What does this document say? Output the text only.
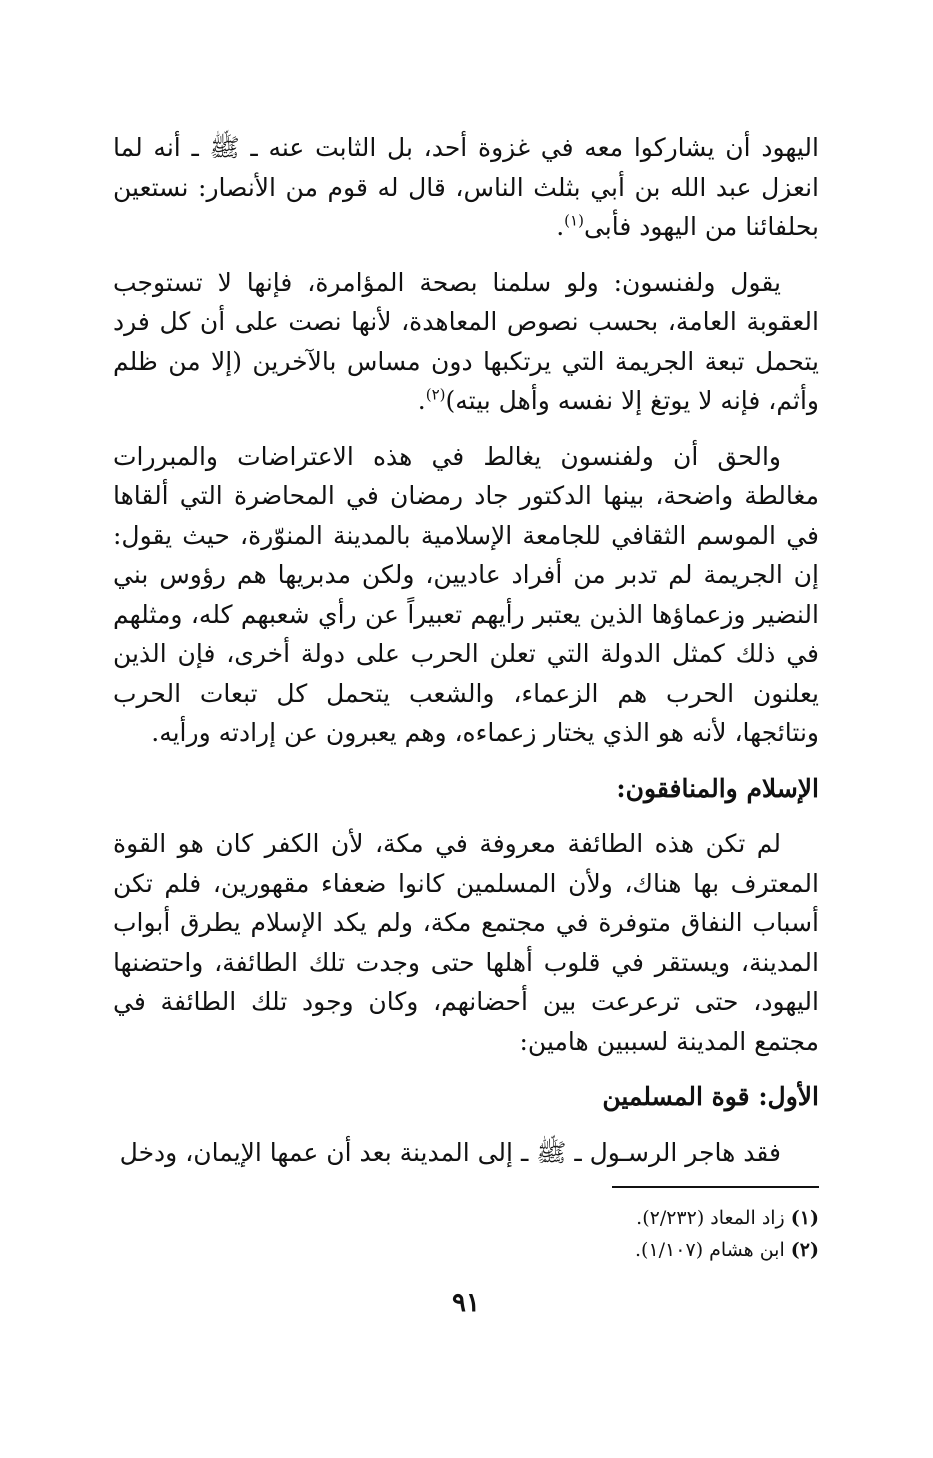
اليهود أن يشاركوا معه في غزوة أحد، بل الثابت عنه ـ ﷺ ـ أنه لما انعزل عبد الله بن أبي بثلث الناس، قال له قوم من الأنصار: نستعين بحلفائنا من اليهود فأبى$^{(١)}$.

يقول ولفنسون: ولو سلمنا بصحة المؤامرة، فإنها لا تستوجب العقوبة العامة، بحسب نصوص المعاهدة، لأنها نصت على أن كل فرد يتحمل تبعة الجريمة التي يرتكبها دون مساس بالآخرين (إلا من ظلم وأثم، فإنه لا يوتغ إلا نفسه وأهل بيته)$^{(٢)}$.

والحق أن ولفنسون يغالط في هذه الاعتراضات والمبررات مغالطة واضحة، بينها الدكتور جاد رمضان في المحاضرة التي ألقاها في الموسم الثقافي للجامعة الإسلامية بالمدينة المنوّرة، حيث يقول: إن الجريمة لم تدبر من أفراد عاديين، ولكن مدبريها هم رؤوس بني النضير وزعماؤها الذين يعتبر رأيهم تعبيراً عن رأي شعبهم كله، ومثلهم في ذلك كمثل الدولة التي تعلن الحرب على دولة أخرى، فإن الذين يعلنون الحرب هم الزعماء، والشعب يتحمل كل تبعات الحرب ونتائجها، لأنه هو الذي يختار زعماءه، وهم يعبرون عن إرادته ورأيه.

الإسلام والمنافقون:

لم تكن هذه الطائفة معروفة في مكة، لأن الكفر كان هو القوة المعترف بها هناك، ولأن المسلمين كانوا ضعفاء مقهورين، فلم تكن أسباب النفاق متوفرة في مجتمع مكة، ولم يكد الإسلام يطرق أبواب المدينة، ويستقر في قلوب أهلها حتى وجدت تلك الطائفة، واحتضنها اليهود، حتى ترعرعت بين أحضانهم، وكان وجود تلك الطائفة في مجتمع المدينة لسببين هامين:

الأول: قوة المسلمين

فقد هاجر الرسـول ـ ﷺ ـ إلى المدينة بعد أن عمها الإيمان، ودخل

(١) زاد المعاد (٢/٢٣٢).
(٢) ابن هشام (١/١٠٧).
٩١
